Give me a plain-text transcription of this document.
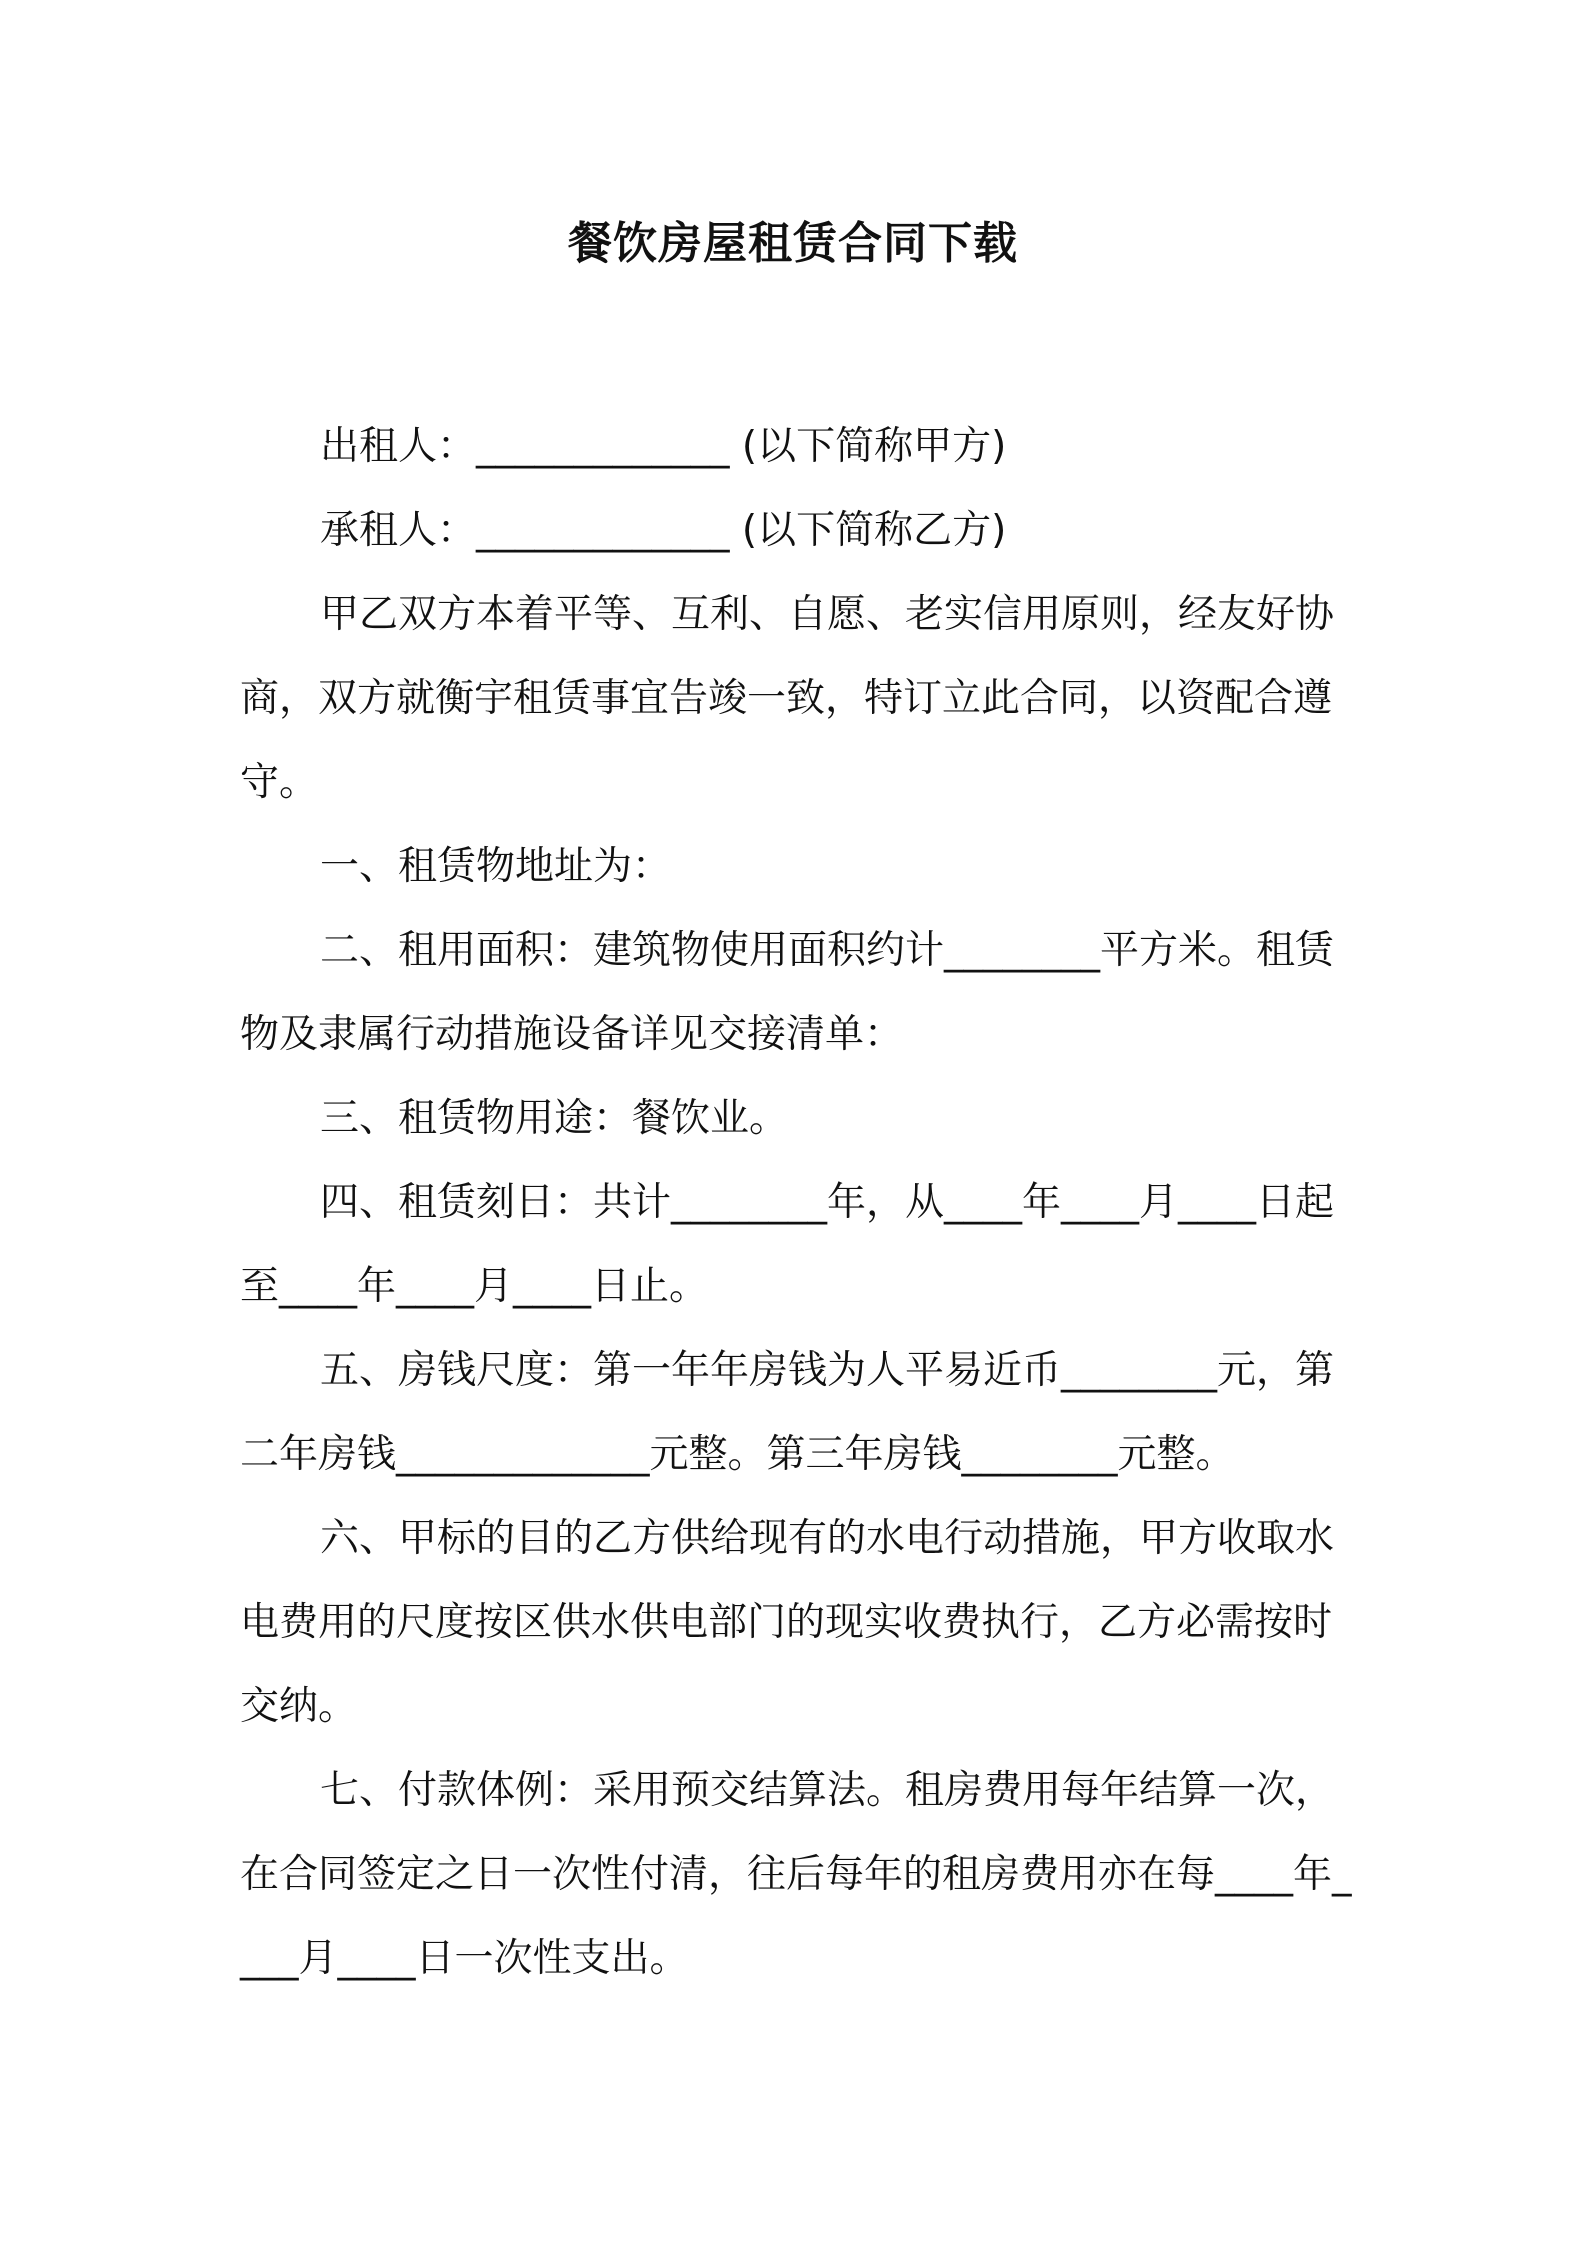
餐饮房屋租赁合同下载

出租人：_____________ (以下简称甲方)

承租人：_____________ (以下简称乙方)

甲乙双方本着平等、互利、自愿、老实信用原则，经友好协商，双方就衡宇租赁事宜告竣一致，特订立此合同，以资配合遵守。

一、租赁物地址为：

二、租用面积：建筑物使用面积约计________平方米。租赁物及隶属行动措施设备详见交接清单：

三、租赁物用途：餐饮业。

四、租赁刻日：共计________年，从____年____月____日起至____年____月____日止。

五、房钱尺度：第一年年房钱为人平易近币________元，第二年房钱_____________元整。第三年房钱________元整。

六、甲标的目的乙方供给现有的水电行动措施，甲方收取水电费用的尺度按区供水供电部门的现实收费执行，乙方必需按时交纳。

七、付款体例：采用预交结算法。租房费用每年结算一次，在合同签定之日一次性付清，往后每年的租房费用亦在每____年____月____日一次性支出。
